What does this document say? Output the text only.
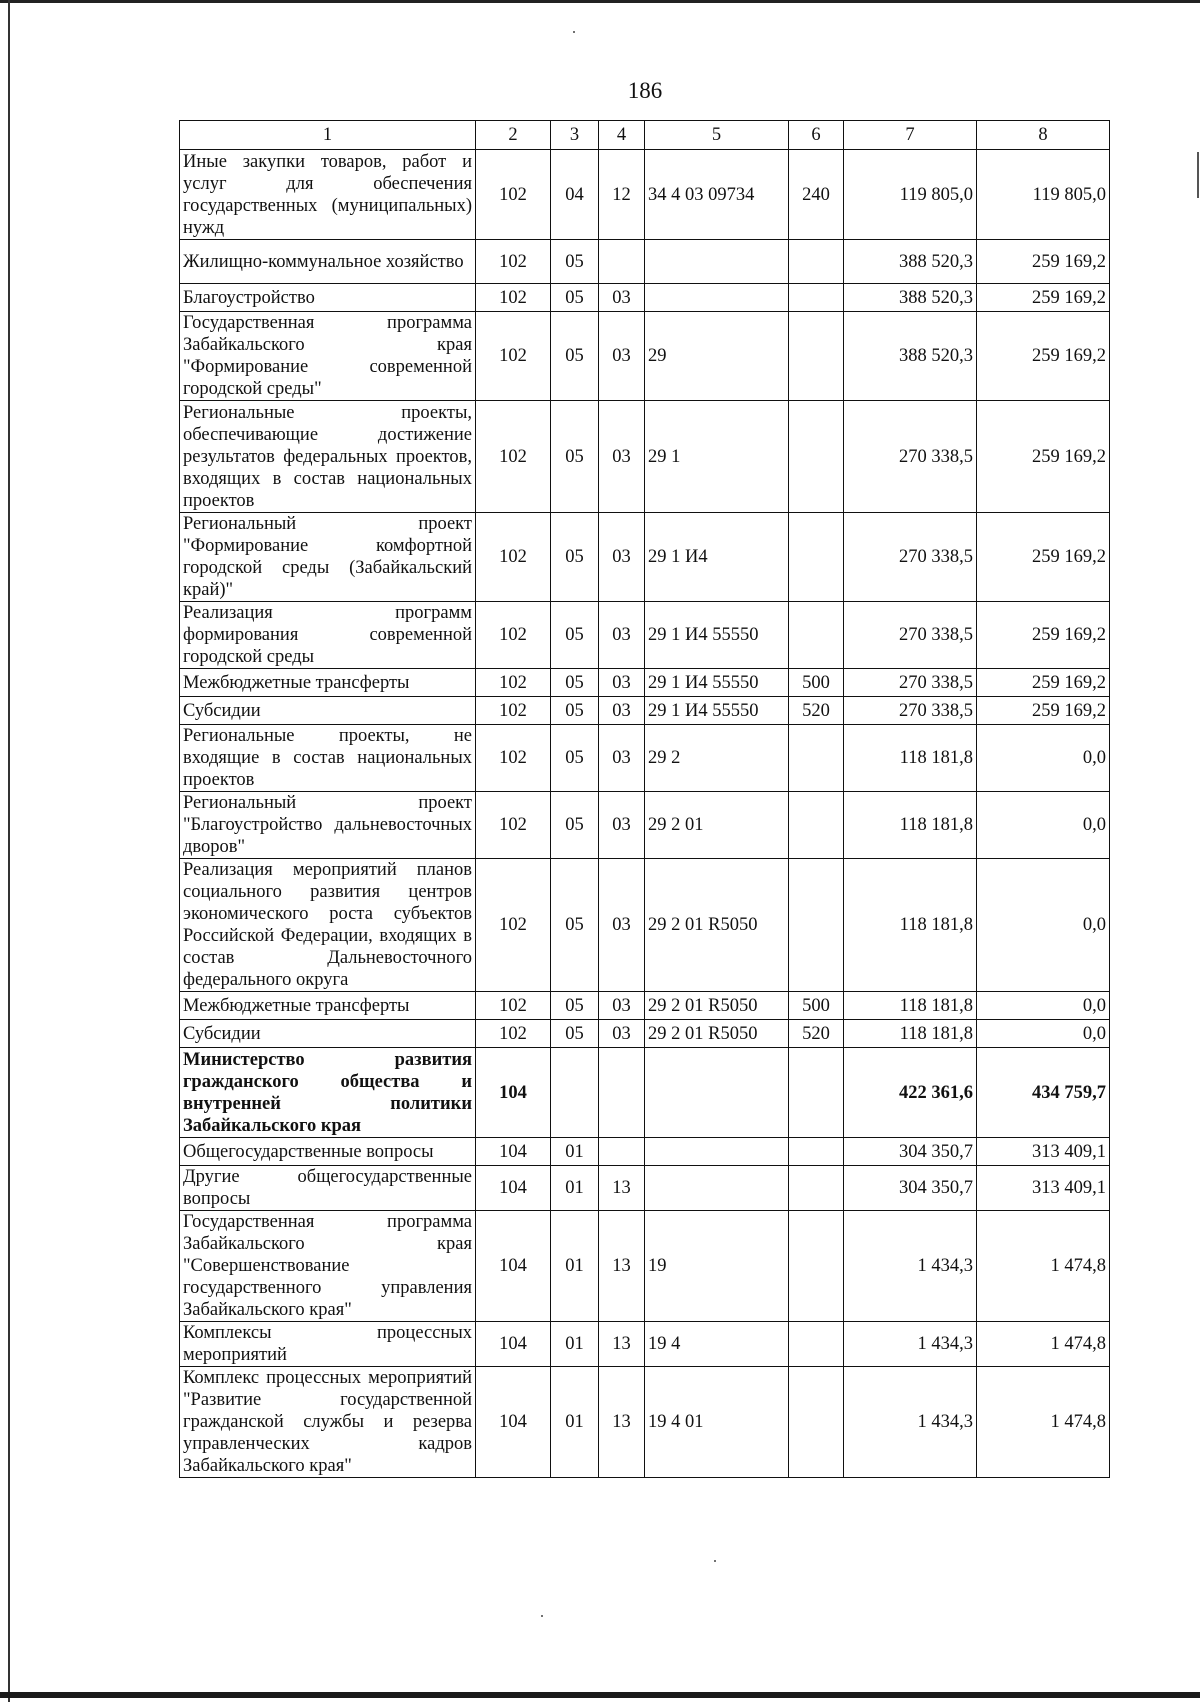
186
1	2	3	4	5	6	7	8
Иные закупки товаров, работ и услуг для обеспечения государственных (муниципальных) нужд	102	04	12	34 4 03 09734	240	119 805,0	119 805,0
Жилищно-коммунальное хозяйство	102	05				388 520,3	259 169,2
Благоустройство	102	05	03			388 520,3	259 169,2
Государственная программа Забайкальского края "Формирование современной городской среды"	102	05	03	29		388 520,3	259 169,2
Региональные проекты, обеспечивающие достижение результатов федеральных проектов, входящих в состав национальных проектов	102	05	03	29 1		270 338,5	259 169,2
Региональный проект "Формирование комфортной городской среды (Забайкальский край)"	102	05	03	29 1 И4		270 338,5	259 169,2
Реализация программ формирования современной городской среды	102	05	03	29 1 И4 55550		270 338,5	259 169,2
Межбюджетные трансферты	102	05	03	29 1 И4 55550	500	270 338,5	259 169,2
Субсидии	102	05	03	29 1 И4 55550	520	270 338,5	259 169,2
Региональные проекты, не входящие в состав национальных проектов	102	05	03	29 2		118 181,8	0,0
Региональный проект "Благоустройство дальневосточных дворов"	102	05	03	29 2 01		118 181,8	0,0
Реализация мероприятий планов социального развития центров экономического роста субъектов Российской Федерации, входящих в состав Дальневосточного федерального округа	102	05	03	29 2 01 R5050		118 181,8	0,0
Межбюджетные трансферты	102	05	03	29 2 01 R5050	500	118 181,8	0,0
Субсидии	102	05	03	29 2 01 R5050	520	118 181,8	0,0
Министерство развития гражданского общества и внутренней политики Забайкальского края	104					422 361,6	434 759,7
Общегосударственные вопросы	104	01				304 350,7	313 409,1
Другие общегосударственные вопросы	104	01	13			304 350,7	313 409,1
Государственная программа Забайкальского края "Совершенствование государственного управления Забайкальского края"	104	01	13	19		1 434,3	1 474,8
Комплексы процессных мероприятий	104	01	13	19 4		1 434,3	1 474,8
Комплекс процессных мероприятий "Развитие государственной гражданской службы и резерва управленческих кадров Забайкальского края"	104	01	13	19 4 01		1 434,3	1 474,8
